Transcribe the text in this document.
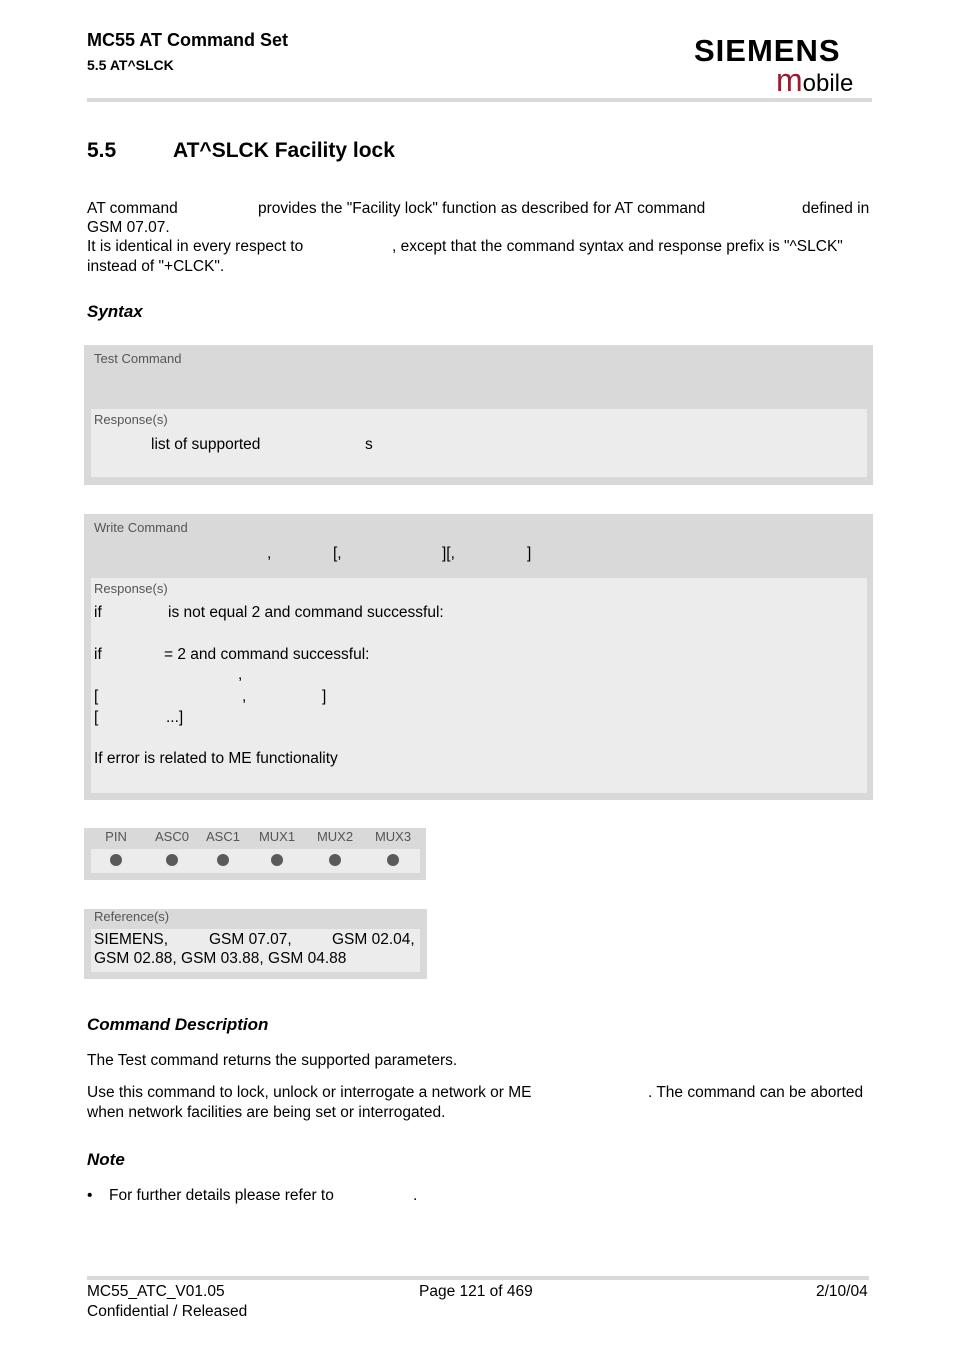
MC55 AT Command Set
5.5 AT^SLCK	SIEMENS
mobile
5.5	AT^SLCK Facility lock
AT command	provides the "Facility lock" function as described for AT command	defined in
GSM 07.07.
It is identical in every respect to	, except that the command syntax and response prefix is "^SLCK"
instead of "+CLCK".
Syntax
Test Command
Response(s)
list of supported	s
Write Command
,	[,	][,	]
Response(s)
if	is not equal 2 and command successful:
if	= 2 and command successful:
,
[	,	]
[	...]
If error is related to ME functionality
PIN	ASC0	ASC1	MUX1	MUX2	MUX3
Reference(s)
SIEMENS,	GSM 07.07,	GSM 02.04,
GSM 02.88, GSM 03.88, GSM 04.88
Command Description
The Test command returns the supported parameters.
Use this command to lock, unlock or interrogate a network or ME	. The command can be aborted
when network facilities are being set or interrogated.
Note
• For further details please refer to	.
MC55_ATC_V01.05
Confidential / Released
Page 121 of 469	2/10/04
